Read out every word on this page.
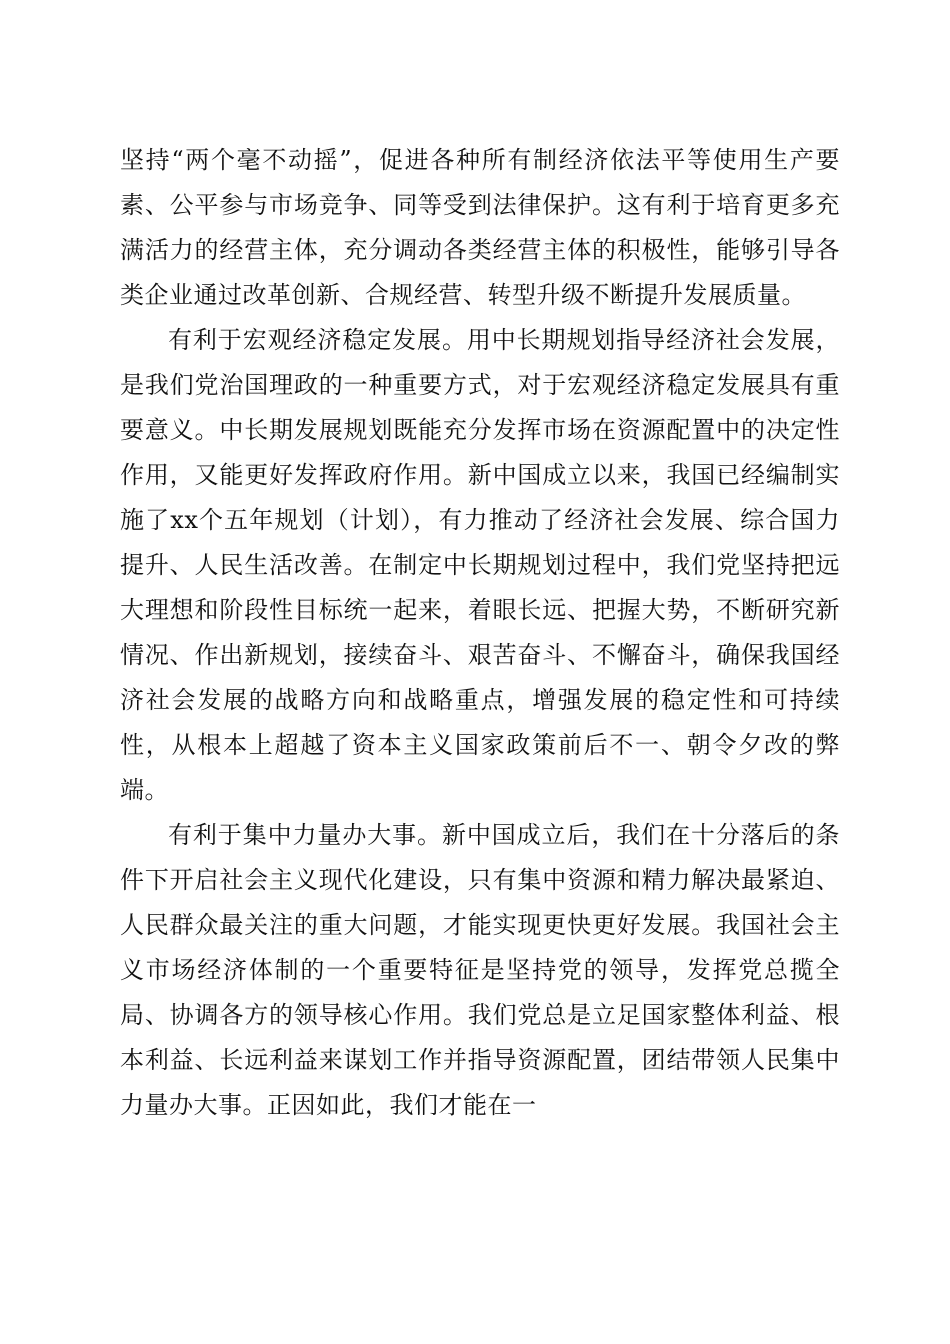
坚持“两个毫不动摇”，促进各种所有制经济依法平等使用生产要素、公平参与市场竞争、同等受到法律保护。这有利于培育更多充满活力的经营主体，充分调动各类经营主体的积极性，能够引导各类企业通过改革创新、合规经营、转型升级不断提升发展质量。

有利于宏观经济稳定发展。用中长期规划指导经济社会发展，是我们党治国理政的一种重要方式，对于宏观经济稳定发展具有重要意义。中长期发展规划既能充分发挥市场在资源配置中的决定性作用，又能更好发挥政府作用。新中国成立以来，我国已经编制实施了xx个五年规划（计划），有力推动了经济社会发展、综合国力提升、人民生活改善。在制定中长期规划过程中，我们党坚持把远大理想和阶段性目标统一起来，着眼长远、把握大势，不断研究新情况、作出新规划，接续奋斗、艰苦奋斗、不懈奋斗，确保我国经济社会发展的战略方向和战略重点，增强发展的稳定性和可持续性，从根本上超越了资本主义国家政策前后不一、朝令夕改的弊端。

有利于集中力量办大事。新中国成立后，我们在十分落后的条件下开启社会主义现代化建设，只有集中资源和精力解决最紧迫、人民群众最关注的重大问题，才能实现更快更好发展。我国社会主义市场经济体制的一个重要特征是坚持党的领导，发挥党总揽全局、协调各方的领导核心作用。我们党总是立足国家整体利益、根本利益、长远利益来谋划工作并指导资源配置，团结带领人民集中力量办大事。正因如此，我们才能在一
